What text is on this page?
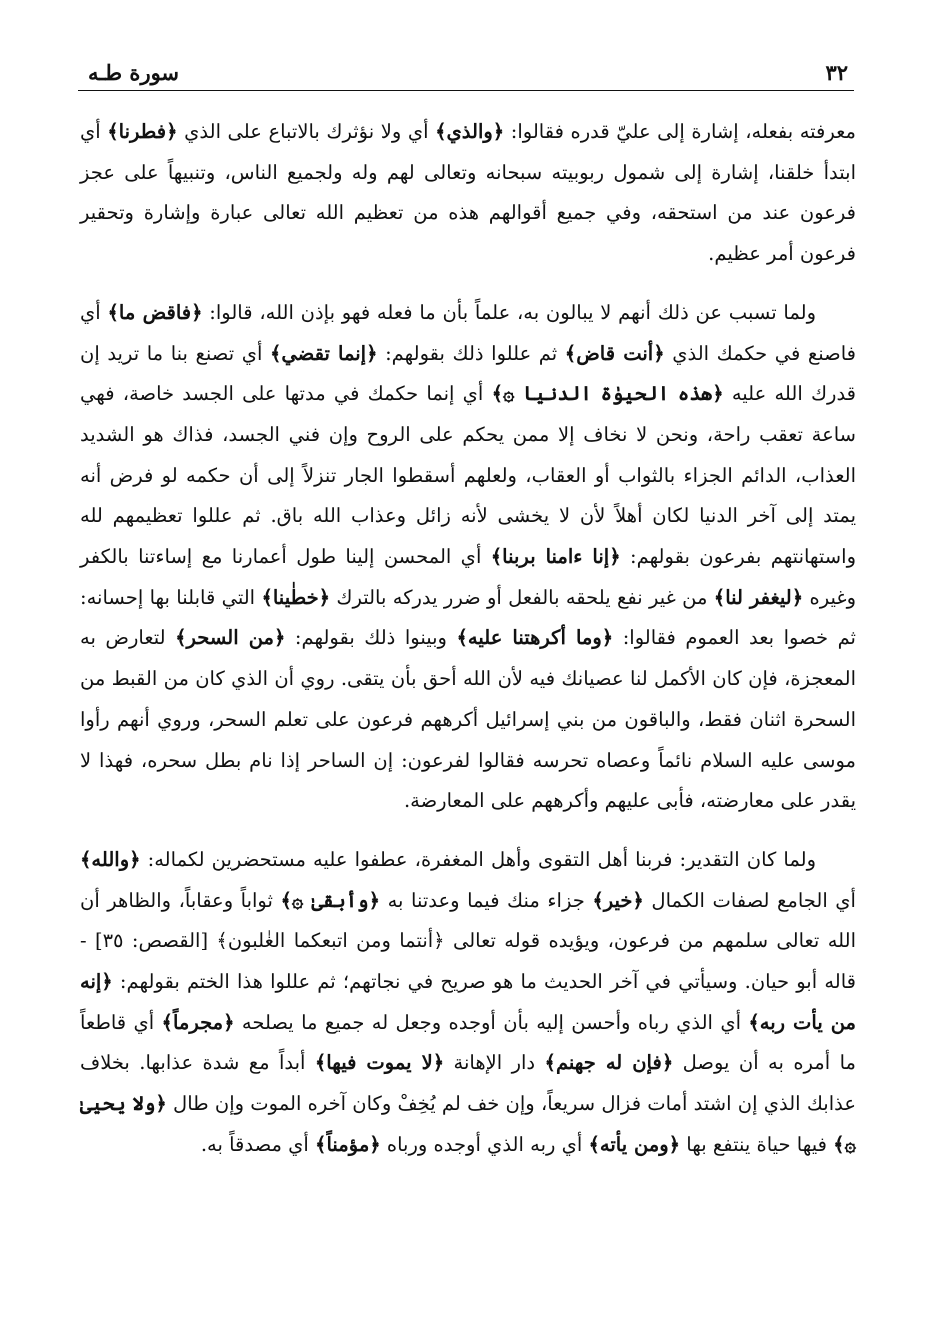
٣٢
سورة طـه

معرفته بفعله، إشارة إلى عليّ قدره فقالوا: ﴿والذي﴾ أي ولا نؤثرك بالاتباع على الذي ﴿فطرنا﴾ أي ابتدأ خلقنا، إشارة إلى شمول ربوبيته سبحانه وتعالى لهم وله ولجميع الناس، وتنبيهاً على عجز فرعون عند من استحقه، وفي جميع أقوالهم هذه من تعظيم الله تعالى عبارة وإشارة وتحقير فرعون أمر عظيم.

ولما تسبب عن ذلك أنهم لا يبالون به، علماً بأن ما فعله فهو بإذن الله، قالوا: ﴿فاقض ما﴾ أي فاصنع في حكمك الذي ﴿أنت قاض﴾ ثم عللوا ذلك بقولهم: ﴿إنما تقضي﴾ أي تصنع بنا ما تريد إن قدرك الله عليه ﴿هذه الحيوٰة الدنيا ۞﴾ أي إنما حكمك في مدتها على الجسد خاصة، فهي ساعة تعقب راحة، ونحن لا نخاف إلا ممن يحكم على الروح وإن فني الجسد، فذاك هو الشديد العذاب، الدائم الجزاء بالثواب أو العقاب، ولعلهم أسقطوا الجار تنزلاً إلى أن حكمه لو فرض أنه يمتد إلى آخر الدنيا لكان أهلاً لأن لا يخشى لأنه زائل وعذاب الله باق. ثم عللوا تعظيمهم لله واستهانتهم بفرعون بقولهم: ﴿إنا ءامنا بربنا﴾ أي المحسن إلينا طول أعمارنا مع إساءتنا بالكفر وغيره ﴿ليغفر لنا﴾ من غير نفع يلحقه بالفعل أو ضرر يدركه بالترك ﴿خطٰينا﴾ التي قابلنا بها إحسانه: ثم خصوا بعد العموم فقالوا: ﴿وما أكرهتنا عليه﴾ وبينوا ذلك بقولهم: ﴿من السحر﴾ لتعارض به المعجزة، فإن كان الأكمل لنا عصيانك فيه لأن الله أحق بأن يتقى. روي أن الذي كان من القبط من السحرة اثنان فقط، والباقون من بني إسرائيل أكرههم فرعون على تعلم السحر، وروي أنهم رأوا موسى عليه السلام نائماً وعصاه تحرسه فقالوا لفرعون: إن الساحر إذا نام بطل سحره، فهذا لا يقدر على معارضته، فأبى عليهم وأكرههم على المعارضة.

ولما كان التقدير: فربنا أهل التقوى وأهل المغفرة، عطفوا عليه مستحضرين لكماله: ﴿والله﴾ أي الجامع لصفات الكمال ﴿خير﴾ جزاء منك فيما وعدتنا به ﴿وأبقىٰ ۞﴾ ثواباً وعقاباً، والظاهر أن الله تعالى سلمهم من فرعون، ويؤيده قوله تعالى ﴿أنتما ومن اتبعكما الغٰلبون﴾ [القصص: ٣٥] - قاله أبو حيان. وسيأتي في آخر الحديث ما هو صريح في نجاتهم؛ ثم عللوا هذا الختم بقولهم: ﴿إنه من يأت ربه﴾ أي الذي رباه وأحسن إليه بأن أوجده وجعل له جميع ما يصلحه ﴿مجرماً﴾ أي قاطعاً ما أمره به أن يوصل ﴿فإن له جهنم﴾ دار الإهانة ﴿لا يموت فيها﴾ أبداً مع شدة عذابها. بخلاف عذابك الذي إن اشتد أمات فزال سريعاً، وإن خف لم يُخِفْ وكان آخره الموت وإن طال ﴿ولا يحيىٰ ۞﴾ فيها حياة ينتفع بها ﴿ومن يأته﴾ أي ربه الذي أوجده ورباه ﴿مؤمناً﴾ أي مصدقاً به.
